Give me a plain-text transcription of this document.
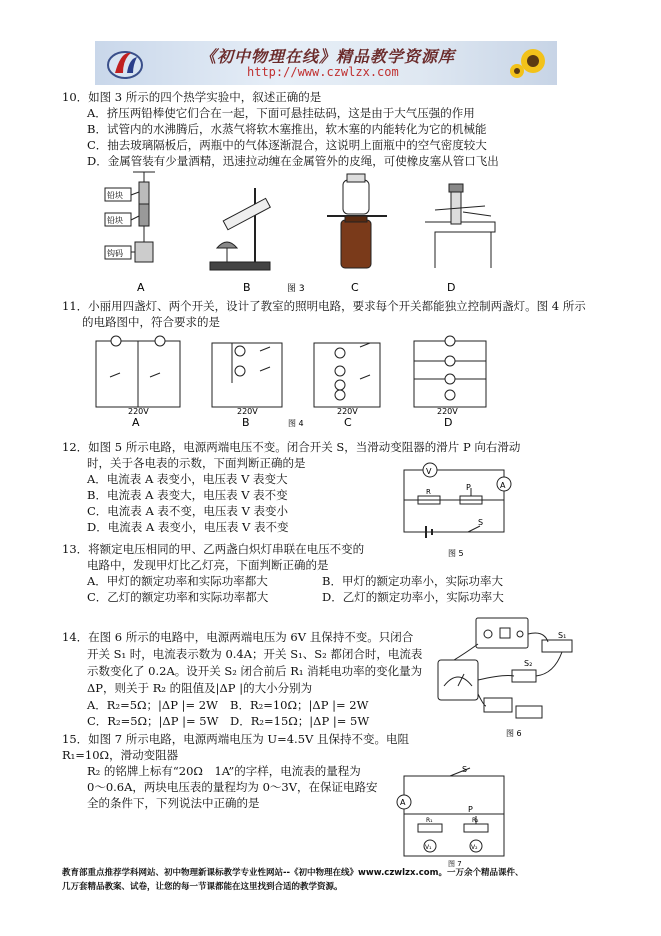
《初中物理在线》精品教学资源库
http://www.czwlzx.com
10．如图 3 所示的四个热学实验中，叙述正确的是
A．挤压两铅棒使它们合在一起，下面可悬挂砝码，这是由于大气压强的作用
B．试管内的水沸腾后，水蒸气将软木塞推出，软木塞的内能转化为它的机械能
C．抽去玻璃隔板后，两瓶中的气体逐渐混合，这说明上面瓶中的空气密度较大
D．金属管装有少量酒精，迅速拉动缠在金属管外的皮绳，可使橡皮塞从管口飞出
铅块
铅块
钩码
A	B	图 3	C	D
11．小丽用四盏灯、两个开关，设计了教室的照明电路，要求每个开关都能独立控制两盏灯。图 4 所示
的电路图中，符合要求的是
220V	220V	220V	220V
A	B	图 4	C	D
12．如图 5 所示电路，电源两端电压不变。闭合开关 S，当滑动变阻器的滑片 P 向右滑动
时，关于各电表的示数，下面判断正确的是
A．电流表 A 表变小，电压表 V 表变大
B．电流表 A 表变大，电压表 V 表不变
C．电流表 A 表不变，电压表 V 表变小
D．电流表 A 表变小，电压表 V 表不变
V
A
R	P
S
图 5
13．将额定电压相同的甲、乙两盏白炽灯串联在电压不变的
电路中，发现甲灯比乙灯亮，下面判断正确的是
A．甲灯的额定功率和实际功率都大	B．甲灯的额定功率小，实际功率大
C．乙灯的额定功率和实际功率都大	D．乙灯的额定功率小，实际功率大
14．在图 6 所示的电路中，电源两端电压为 6V 且保持不变。只闭合
开关 S₁ 时，电流表示数为 0.4A；开关 S₁、S₂ 都闭合时，电流表
示数变化了 0.2A。设开关 S₂ 闭合前后 R₁ 消耗电功率的变化量为
ΔP，则关于 R₂ 的阻值及|ΔP |的大小分别为
A．R₂=5Ω；|ΔP |= 2W B．R₂=10Ω；|ΔP |= 2W
C．R₂=5Ω；|ΔP |= 5W D．R₂=15Ω；|ΔP |= 5W
S₁
S₂
图 6
15．如图 7 所示电路，电源两端电压为 U=4.5V 且保持不变。电阻
R₁=10Ω，滑动变阻器
R₂ 的铭牌上标有“20Ω　1A”的字样，电流表的量程为
0～0.6A，两块电压表的量程均为 0～3V，在保证电路安
全的条件下，下列说法中正确的是
S
A
P
R₁	R₂
V₁	V₂
图 7
教育部重点推荐学科网站、初中物理新课标教学专业性网站--《初中物理在线》www.czwlzx.com。一万余个精品课件、
几万套精品教案、试卷，让您的每一节课都能在这里找到合适的教学资源。
